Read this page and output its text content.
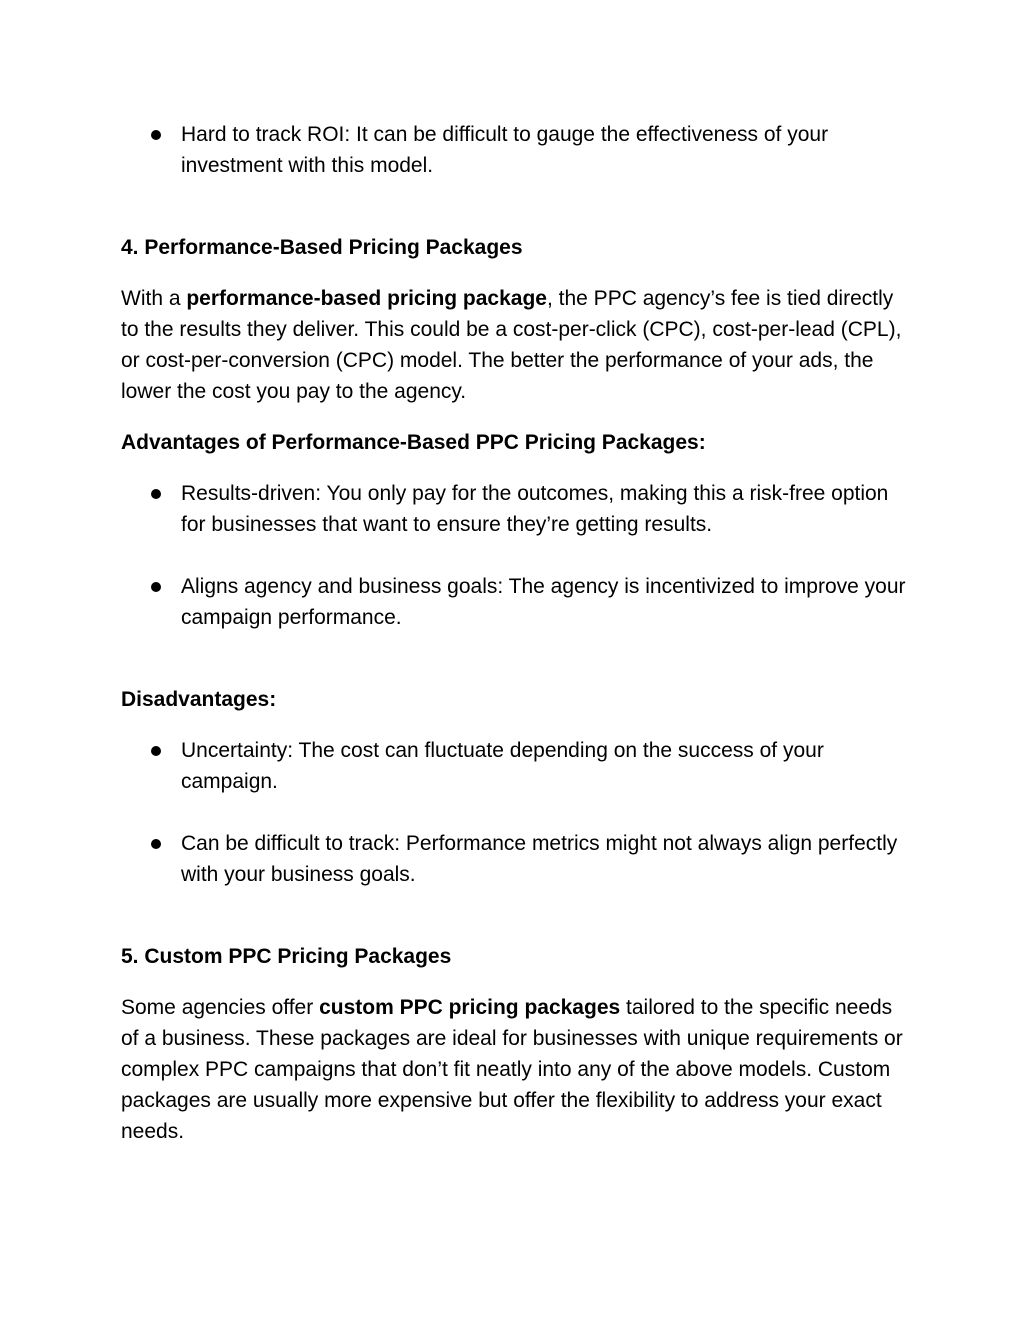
Hard to track ROI: It can be difficult to gauge the effectiveness of your investment with this model.

4. Performance-Based Pricing Packages

With a performance-based pricing package, the PPC agency’s fee is tied directly to the results they deliver. This could be a cost-per-click (CPC), cost-per-lead (CPL), or cost-per-conversion (CPC) model. The better the performance of your ads, the lower the cost you pay to the agency.

Advantages of Performance-Based PPC Pricing Packages:

Results-driven: You only pay for the outcomes, making this a risk-free option for businesses that want to ensure they’re getting results.
Aligns agency and business goals: The agency is incentivized to improve your campaign performance.

Disadvantages:

Uncertainty: The cost can fluctuate depending on the success of your campaign.
Can be difficult to track: Performance metrics might not always align perfectly with your business goals.

5. Custom PPC Pricing Packages

Some agencies offer custom PPC pricing packages tailored to the specific needs of a business. These packages are ideal for businesses with unique requirements or complex PPC campaigns that don’t fit neatly into any of the above models. Custom packages are usually more expensive but offer the flexibility to address your exact needs.
